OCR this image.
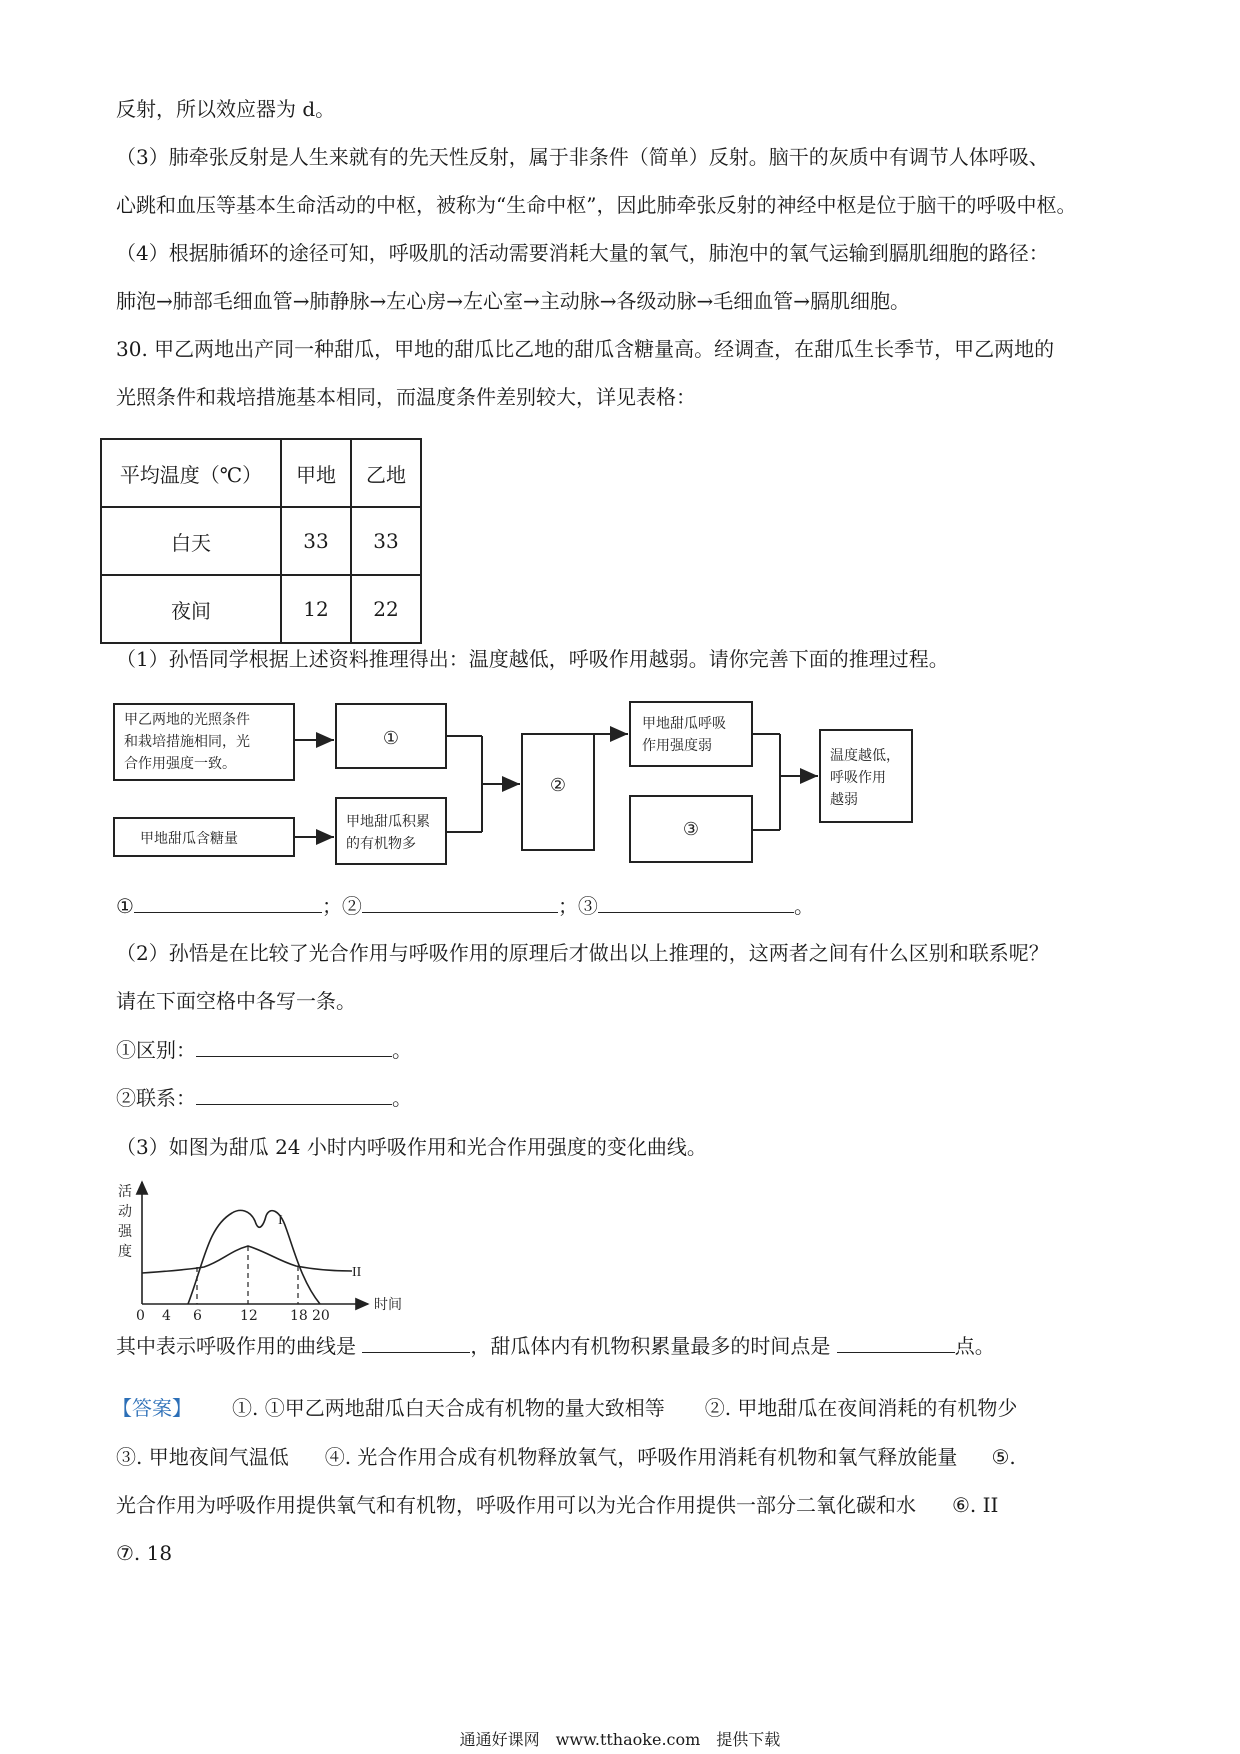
反射，所以效应器为 d。
（3）肺牵张反射是人生来就有的先天性反射，属于非条件（简单）反射。脑干的灰质中有调节人体呼吸、
心跳和血压等基本生命活动的中枢，被称为“生命中枢”，因此肺牵张反射的神经中枢是位于脑干的呼吸中枢。
（4）根据肺循环的途径可知，呼吸肌的活动需要消耗大量的氧气，肺泡中的氧气运输到膈肌细胞的路径：
肺泡→肺部毛细血管→肺静脉→左心房→左心室→主动脉→各级动脉→毛细血管→膈肌细胞。
30. 甲乙两地出产同一种甜瓜，甲地的甜瓜比乙地的甜瓜含糖量高。经调查，在甜瓜生长季节，甲乙两地的
光照条件和栽培措施基本相同，而温度条件差别较大，详见表格：
平均温度（℃）	甲地	乙地
白天	33	33
夜间	12	22
（1）孙悟同学根据上述资料推理得出：温度越低，呼吸作用越弱。请你完善下面的推理过程。
甲乙两地的光照条件
和栽培措施相同，光
合作用强度一致。
甲地甜瓜含糖量
①
甲地甜瓜积累
的有机物多
②
甲地甜瓜呼吸
作用强度弱
③
温度越低，
呼吸作用
越弱
①	；②	；③	。
（2）孙悟是在比较了光合作用与呼吸作用的原理后才做出以上推理的，这两者之间有什么区别和联系呢？
请在下面空格中各写一条。
①区别：	。
②联系：	。
（3）如图为甜瓜 24 小时内呼吸作用和光合作用强度的变化曲线。
活
动
强
度
时间
I
II
0 4 6	12 18 20
其中表示呼吸作用的曲线是	，甜瓜体内有机物积累量最多的时间点是	点。
【答案】 ①. ①甲乙两地甜瓜白天合成有机物的量大致相等 ②. 甲地甜瓜在夜间消耗的有机物少
③. 甲地夜间气温低 ④. 光合作用合成有机物释放氧气，呼吸作用消耗有机物和氧气释放能量 ⑤.
光合作用为呼吸作用提供氧气和有机物，呼吸作用可以为光合作用提供一部分二氧化碳和水 ⑥. II
⑦. 18
通通好课网　www.tthaoke.com　提供下载
